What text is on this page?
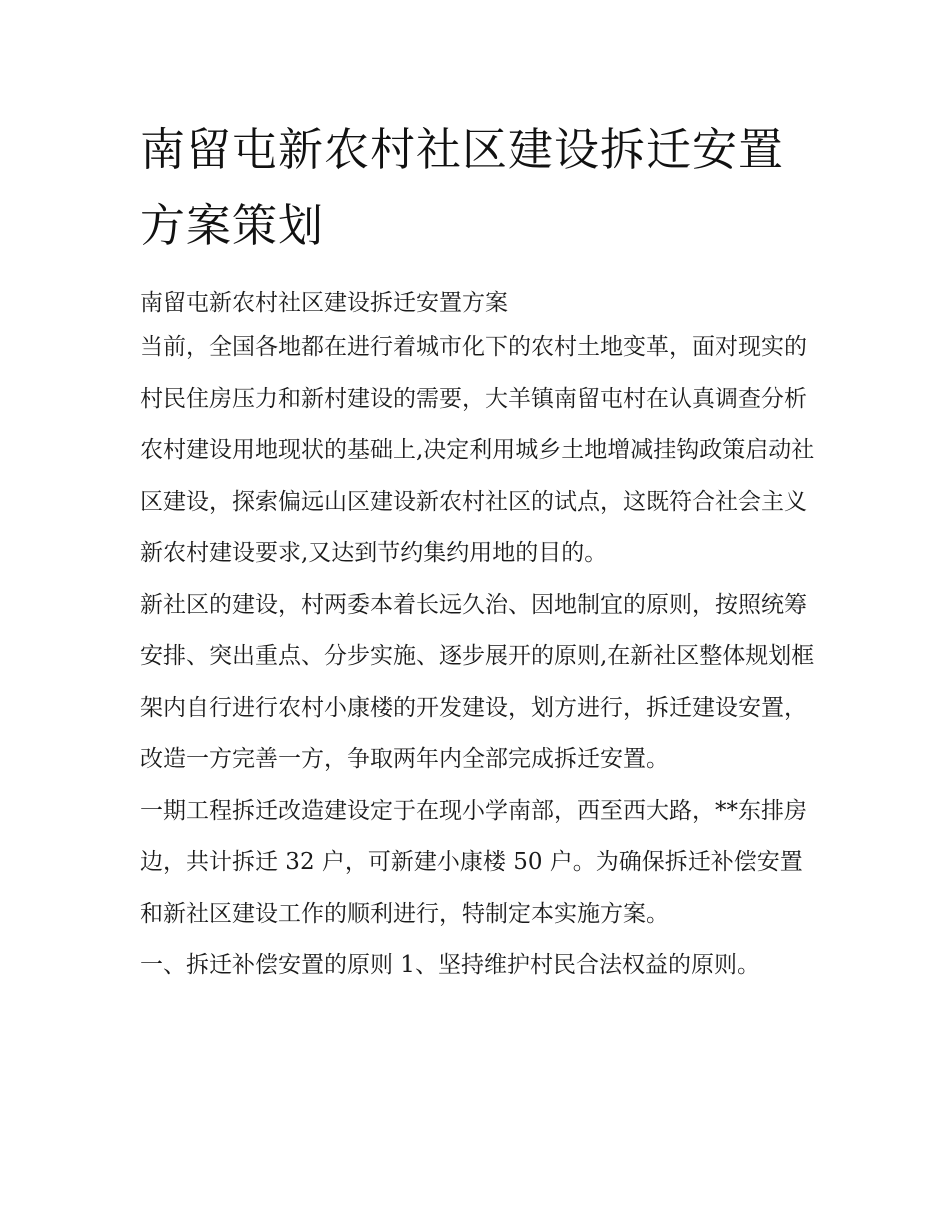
南留屯新农村社区建设拆迁安置方案策划

南留屯新农村社区建设拆迁安置方案

当前，全国各地都在进行着城市化下的农村土地变革，面对现实的村民住房压力和新村建设的需要，大羊镇南留屯村在认真调查分析农村建设用地现状的基础上,决定利用城乡土地增减挂钩政策启动社区建设，探索偏远山区建设新农村社区的试点，这既符合社会主义新农村建设要求,又达到节约集约用地的目的。

新社区的建设，村两委本着长远久治、因地制宜的原则，按照统筹安排、突出重点、分步实施、逐步展开的原则,在新社区整体规划框架内自行进行农村小康楼的开发建设，划方进行，拆迁建设安置，改造一方完善一方，争取两年内全部完成拆迁安置。

一期工程拆迁改造建设定于在现小学南部，西至西大路，**东排房边，共计拆迁 32 户，可新建小康楼 50 户。为确保拆迁补偿安置和新社区建设工作的顺利进行，特制定本实施方案。

一、拆迁补偿安置的原则 1、坚持维护村民合法权益的原则。
